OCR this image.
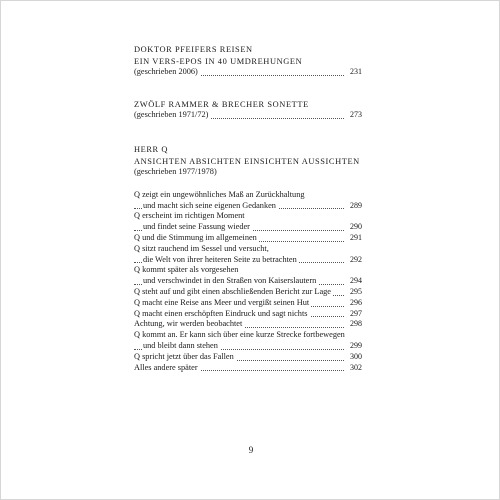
DOKTOR PFEIFERS REISEN
EIN VERS-EPOS IN 40 UMDREHUNGEN
(geschrieben 2006)	231
ZWÖLF RAMMER & BRECHER SONETTE
(geschrieben 1971/72)	273
HERR Q
ANSICHTEN ABSICHTEN EINSICHTEN AUSSICHTEN
(geschrieben 1977/1978)
Q zeigt ein ungewöhnliches Maß an Zurückhaltung
und macht sich seine eigenen Gedanken	289
Q erscheint im richtigen Moment
und findet seine Fassung wieder	290
Q und die Stimmung im allgemeinen	291
Q sitzt rauchend im Sessel und versucht,
die Welt von ihrer heiteren Seite zu betrachten	292
Q kommt später als vorgesehen
und verschwindet in den Straßen von Kaiserslautern	294
Q steht auf und gibt einen abschließenden Bericht zur Lage	295
Q macht eine Reise ans Meer und vergißt seinen Hut	296
Q macht einen erschöpften Eindruck und sagt nichts	297
Achtung, wir werden beobachtet	298
Q kommt an. Er kann sich über eine kurze Strecke fortbewegen
und bleibt dann stehen	299
Q spricht jetzt über das Fallen	300
Alles andere später	302
9
